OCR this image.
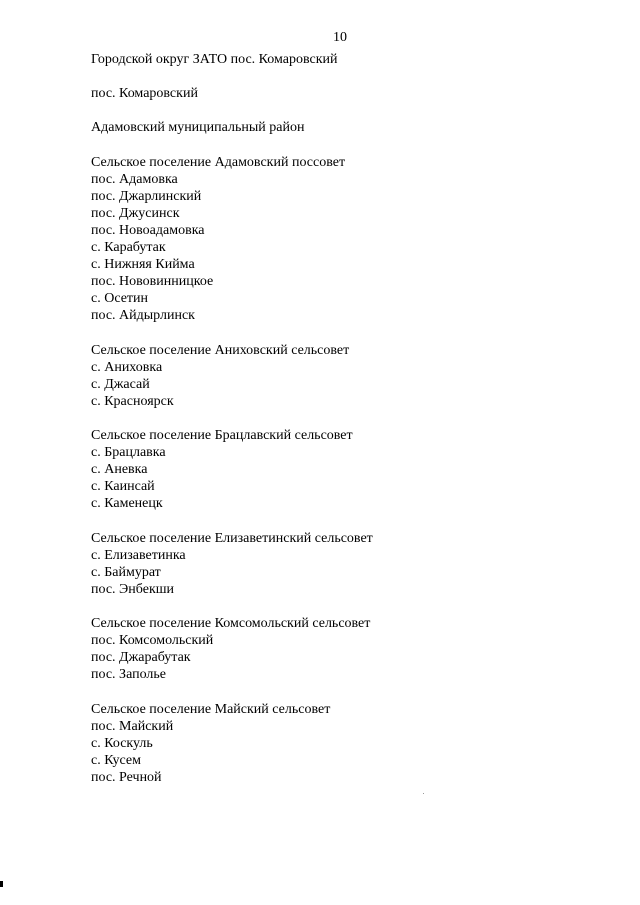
10
Городской округ ЗАТО пос. Комаровский
пос. Комаровский
Адамовский муниципальный район
Сельское поселение Адамовский поссовет
пос. Адамовка
пос. Джарлинский
пос. Джусинск
пос. Новоадамовка
с. Карабутак
с. Нижняя Кийма
пос. Нововинницкое
с. Осетин
пос. Айдырлинск
Сельское поселение Аниховский сельсовет
с. Аниховка
с. Джасай
с. Красноярск
Сельское поселение Брацлавский сельсовет
с. Брацлавка
с. Аневка
с. Каинсай
с. Каменецк
Сельское поселение Елизаветинский сельсовет
с. Елизаветинка
с. Баймурат
пос. Энбекши
Сельское поселение Комсомольский сельсовет
пос. Комсомольский
пос. Джарабутак
пос. Заполье
Сельское поселение Майский сельсовет
пос. Майский
с. Коскуль
с. Кусем
пос. Речной
